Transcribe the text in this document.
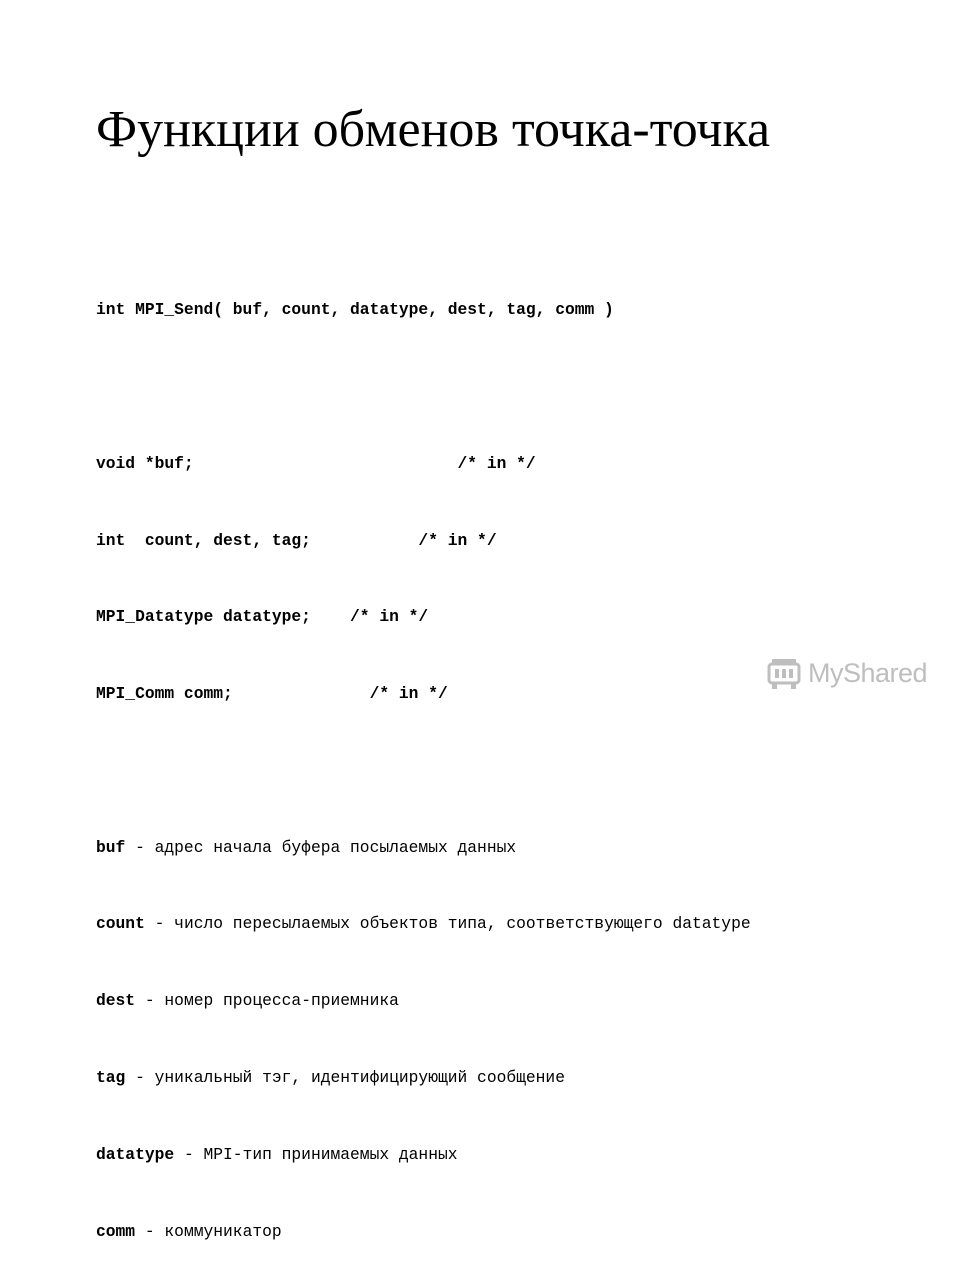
Функции обменов точка-точка

int MPI_Send( buf, count, datatype, dest, tag, comm )

void *buf;                           /* in */

int  count, dest, tag;           /* in */

MPI_Datatype datatype;    /* in */

MPI_Comm comm;              /* in */

buf - адрес начала буфера посылаемых данных

count - число пересылаемых объектов типа, соответствующего datatype

dest - номер процесса-приемника

tag - уникальный тэг, идентифицирующий сообщение

datatype - MPI-тип принимаемых данных

comm - коммуникатор

MyShared
